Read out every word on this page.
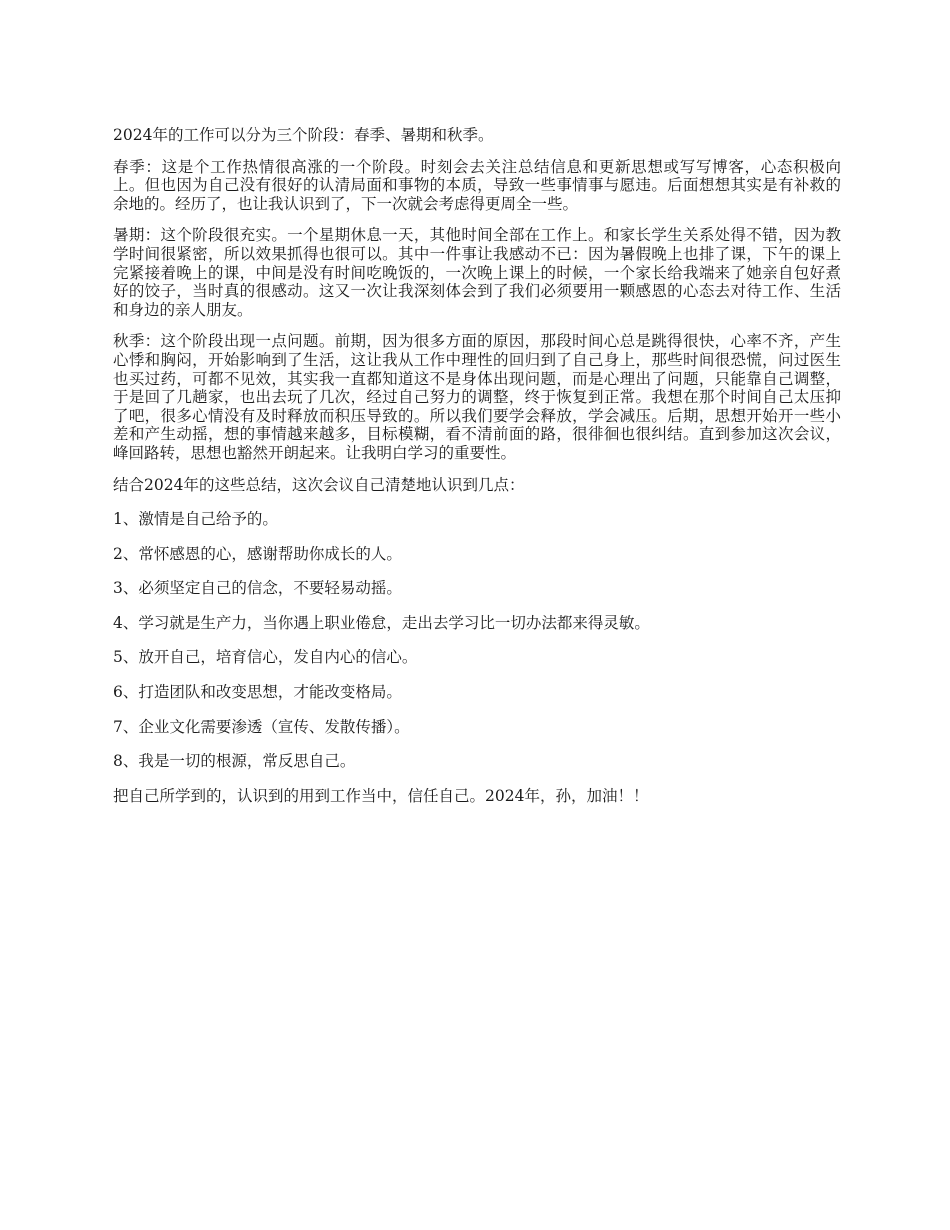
2024年的工作可以分为三个阶段：春季、暑期和秋季。

春季：这是个工作热情很高涨的一个阶段。时刻会去关注总结信息和更新思想或写写博客，心态积极向上。但也因为自己没有很好的认清局面和事物的本质，导致一些事情事与愿违。后面想想其实是有补救的余地的。经历了，也让我认识到了，下一次就会考虑得更周全一些。

暑期：这个阶段很充实。一个星期休息一天，其他时间全部在工作上。和家长学生关系处得不错，因为教学时间很紧密，所以效果抓得也很可以。其中一件事让我感动不已：因为暑假晚上也排了课，下午的课上完紧接着晚上的课，中间是没有时间吃晚饭的，一次晚上课上的时候，一个家长给我端来了她亲自包好煮好的饺子，当时真的很感动。这又一次让我深刻体会到了我们必须要用一颗感恩的心态去对待工作、生活和身边的亲人朋友。

秋季：这个阶段出现一点问题。前期，因为很多方面的原因，那段时间心总是跳得很快，心率不齐，产生心悸和胸闷，开始影响到了生活，这让我从工作中理性的回归到了自己身上，那些时间很恐慌，问过医生也买过药，可都不见效，其实我一直都知道这不是身体出现问题，而是心理出了问题，只能靠自己调整，于是回了几趟家，也出去玩了几次，经过自己努力的调整，终于恢复到正常。我想在那个时间自己太压抑了吧，很多心情没有及时释放而积压导致的。所以我们要学会释放，学会减压。后期，思想开始开一些小差和产生动摇，想的事情越来越多，目标模糊，看不清前面的路，很徘徊也很纠结。直到参加这次会议，峰回路转，思想也豁然开朗起来。让我明白学习的重要性。

结合2024年的这些总结，这次会议自己清楚地认识到几点：

1、激情是自己给予的。

2、常怀感恩的心，感谢帮助你成长的人。

3、必须坚定自己的信念，不要轻易动摇。

4、学习就是生产力，当你遇上职业倦怠，走出去学习比一切办法都来得灵敏。

5、放开自己，培育信心，发自内心的信心。

6、打造团队和改变思想，才能改变格局。

7、企业文化需要渗透（宣传、发散传播）。

8、我是一切的根源，常反思自己。

把自己所学到的，认识到的用到工作当中，信任自己。2024年，孙，加油！！
